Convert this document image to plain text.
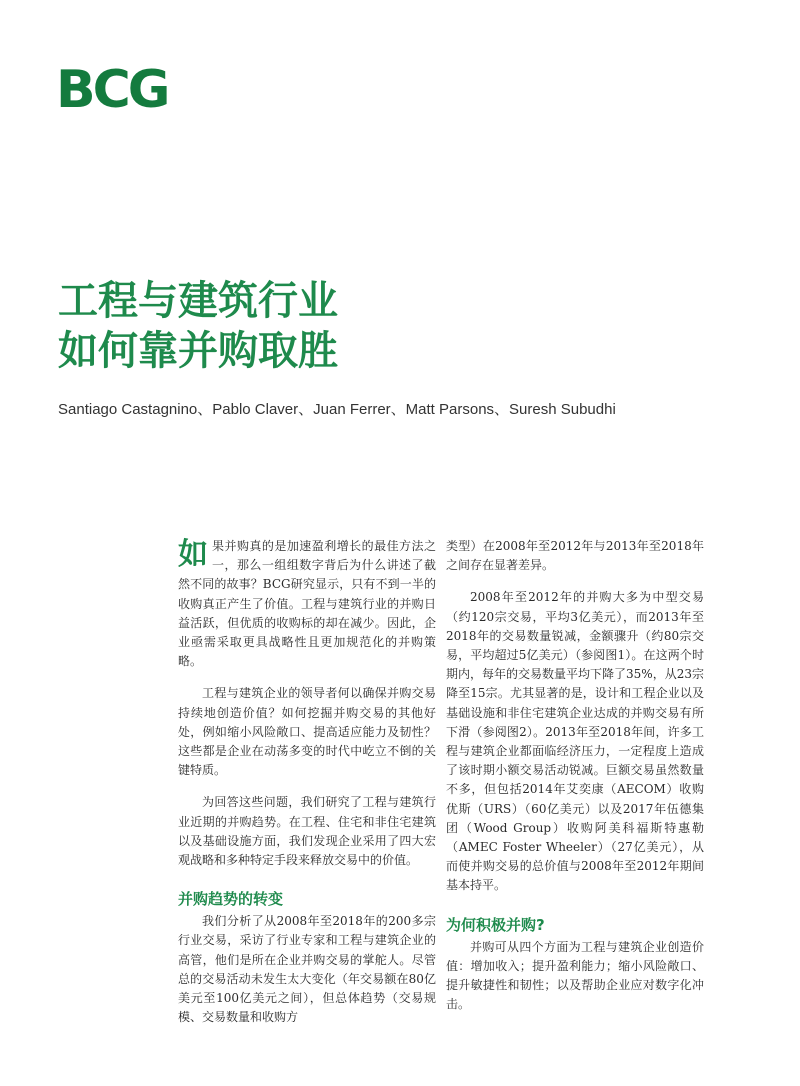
BCG
工程与建筑行业
如何靠并购取胜
Santiago Castagnino、Pablo Claver、Juan Ferrer、Matt Parsons、Suresh Subudhi

如果并购真的是加速盈利增长的最佳方法之一，那么一组组数字背后为什么讲述了截然不同的故事？BCG研究显示，只有不到一半的收购真正产生了价值。工程与建筑行业的并购日益活跃，但优质的收购标的却在减少。因此，企业亟需采取更具战略性且更加规范化的并购策略。

工程与建筑企业的领导者何以确保并购交易持续地创造价值？如何挖掘并购交易的其他好处，例如缩小风险敞口、提高适应能力及韧性？这些都是企业在动荡多变的时代中屹立不倒的关键特质。

为回答这些问题，我们研究了工程与建筑行业近期的并购趋势。在工程、住宅和非住宅建筑以及基础设施方面，我们发现企业采用了四大宏观战略和多种特定手段来释放交易中的价值。

并购趋势的转变

我们分析了从2008年至2018年的200多宗行业交易，采访了行业专家和工程与建筑企业的高管，他们是所在企业并购交易的掌舵人。尽管总的交易活动未发生太大变化（年交易额在80亿美元至100亿美元之间），但总体趋势（交易规模、交易数量和收购方

类型）在2008年至2012年与2013年至2018年之间存在显著差异。

2008年至2012年的并购大多为中型交易（约120宗交易，平均3亿美元），而2013年至2018年的交易数量锐减，金额骤升（约80宗交易，平均超过5亿美元）（参阅图1）。在这两个时期内，每年的交易数量平均下降了35%，从23宗降至15宗。尤其显著的是，设计和工程企业以及基础设施和非住宅建筑企业达成的并购交易有所下滑（参阅图2）。2013年至2018年间，许多工程与建筑企业都面临经济压力，一定程度上造成了该时期小额交易活动锐减。巨额交易虽然数量不多，但包括2014年艾奕康（AECOM）收购优斯（URS）（60亿美元）以及2017年伍德集团（Wood Group）收购阿美科福斯特惠勒（AMEC Foster Wheeler）（27亿美元），从而使并购交易的总价值与2008年至2012年期间基本持平。

为何积极并购?

并购可从四个方面为工程与建筑企业创造价值：增加收入；提升盈利能力；缩小风险敞口、提升敏捷性和韧性；以及帮助企业应对数字化冲击。
